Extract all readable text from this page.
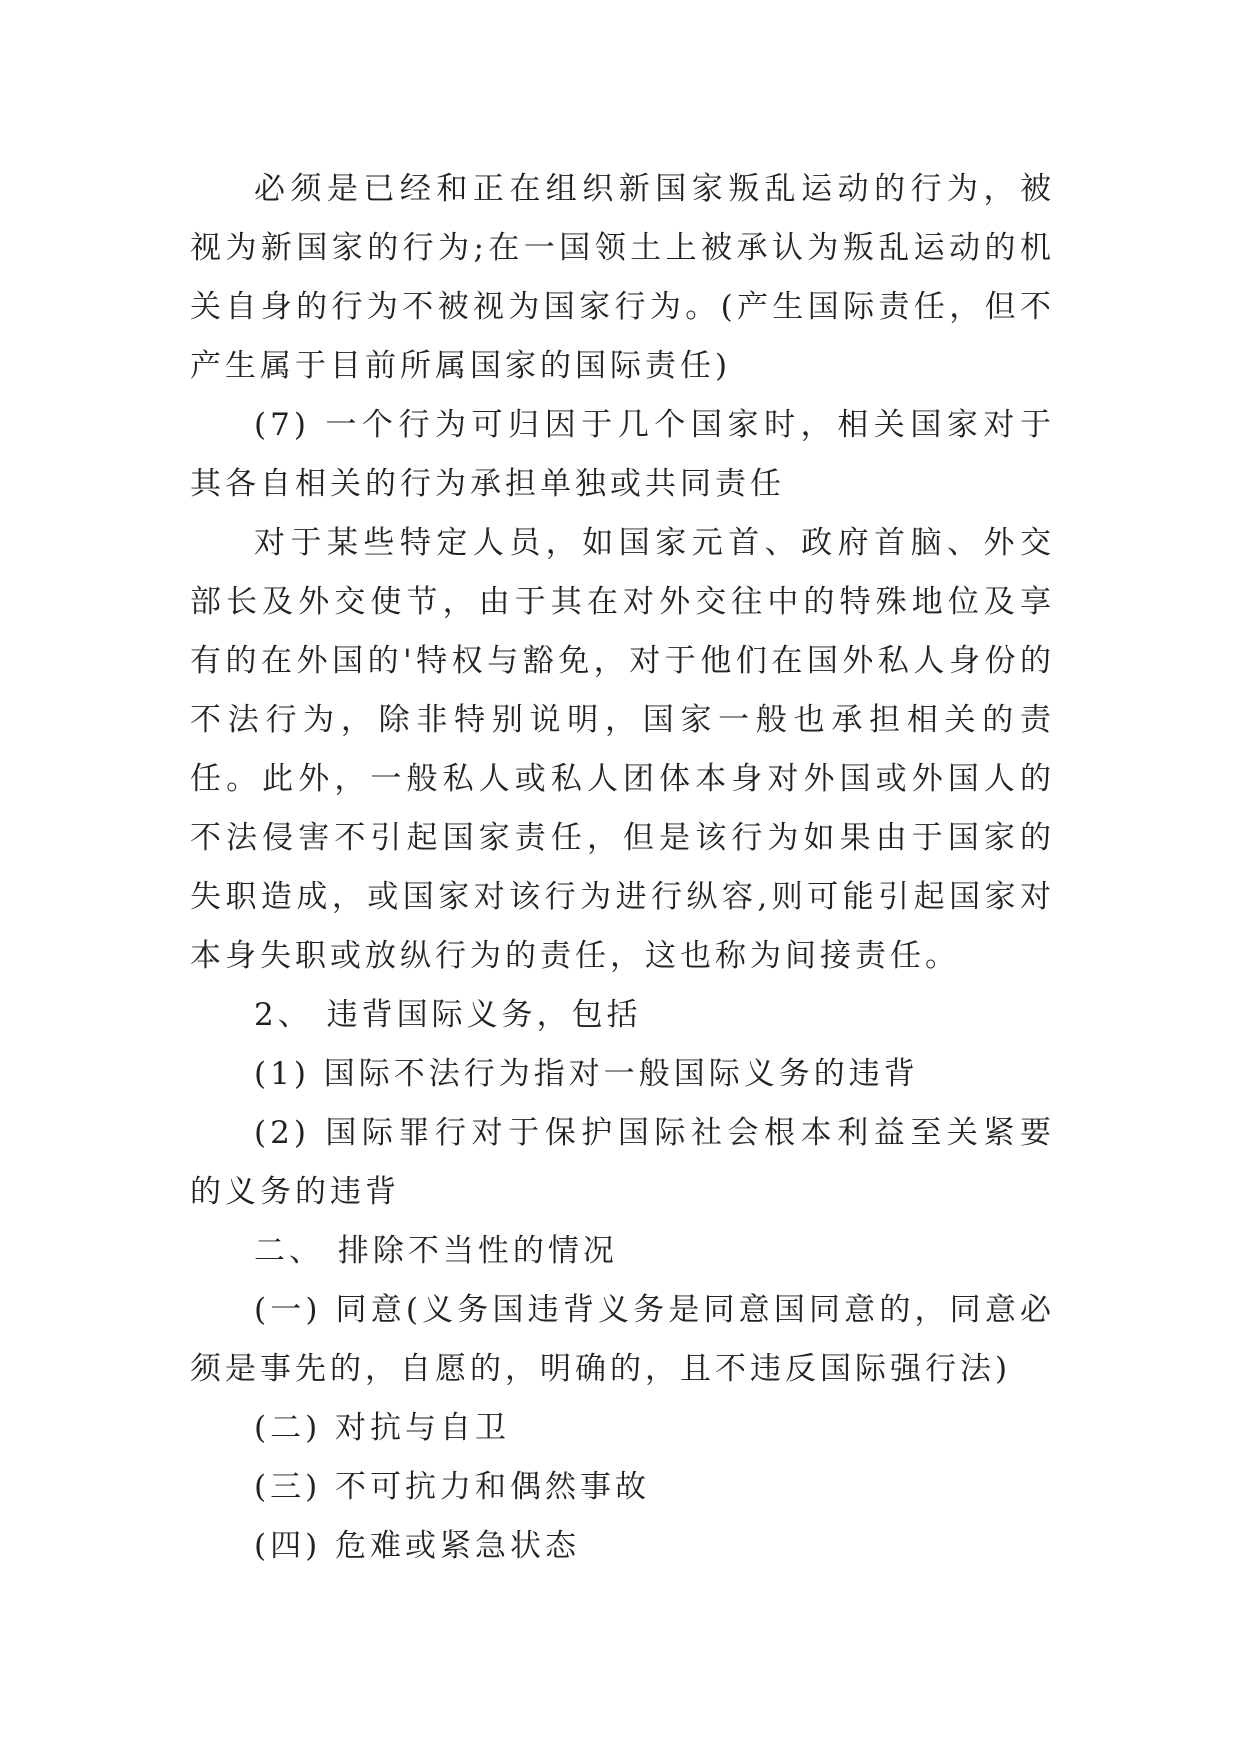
必须是已经和正在组织新国家叛乱运动的行为，被视为新国家的行为;在一国领土上被承认为叛乱运动的机关自身的行为不被视为国家行为。(产生国际责任，但不产生属于目前所属国家的国际责任)

(7) 一个行为可归因于几个国家时，相关国家对于其各自相关的行为承担单独或共同责任

对于某些特定人员，如国家元首、政府首脑、外交部长及外交使节，由于其在对外交往中的特殊地位及享有的在外国的'特权与豁免，对于他们在国外私人身份的不法行为，除非特别说明，国家一般也承担相关的责任。此外，一般私人或私人团体本身对外国或外国人的不法侵害不引起国家责任，但是该行为如果由于国家的失职造成，或国家对该行为进行纵容,则可能引起国家对本身失职或放纵行为的责任，这也称为间接责任。

2、 违背国际义务，包括

(1) 国际不法行为指对一般国际义务的违背

(2) 国际罪行对于保护国际社会根本利益至关紧要的义务的违背

二、 排除不当性的情况

(一) 同意(义务国违背义务是同意国同意的，同意必须是事先的，自愿的，明确的，且不违反国际强行法)

(二) 对抗与自卫

(三) 不可抗力和偶然事故

(四) 危难或紧急状态
